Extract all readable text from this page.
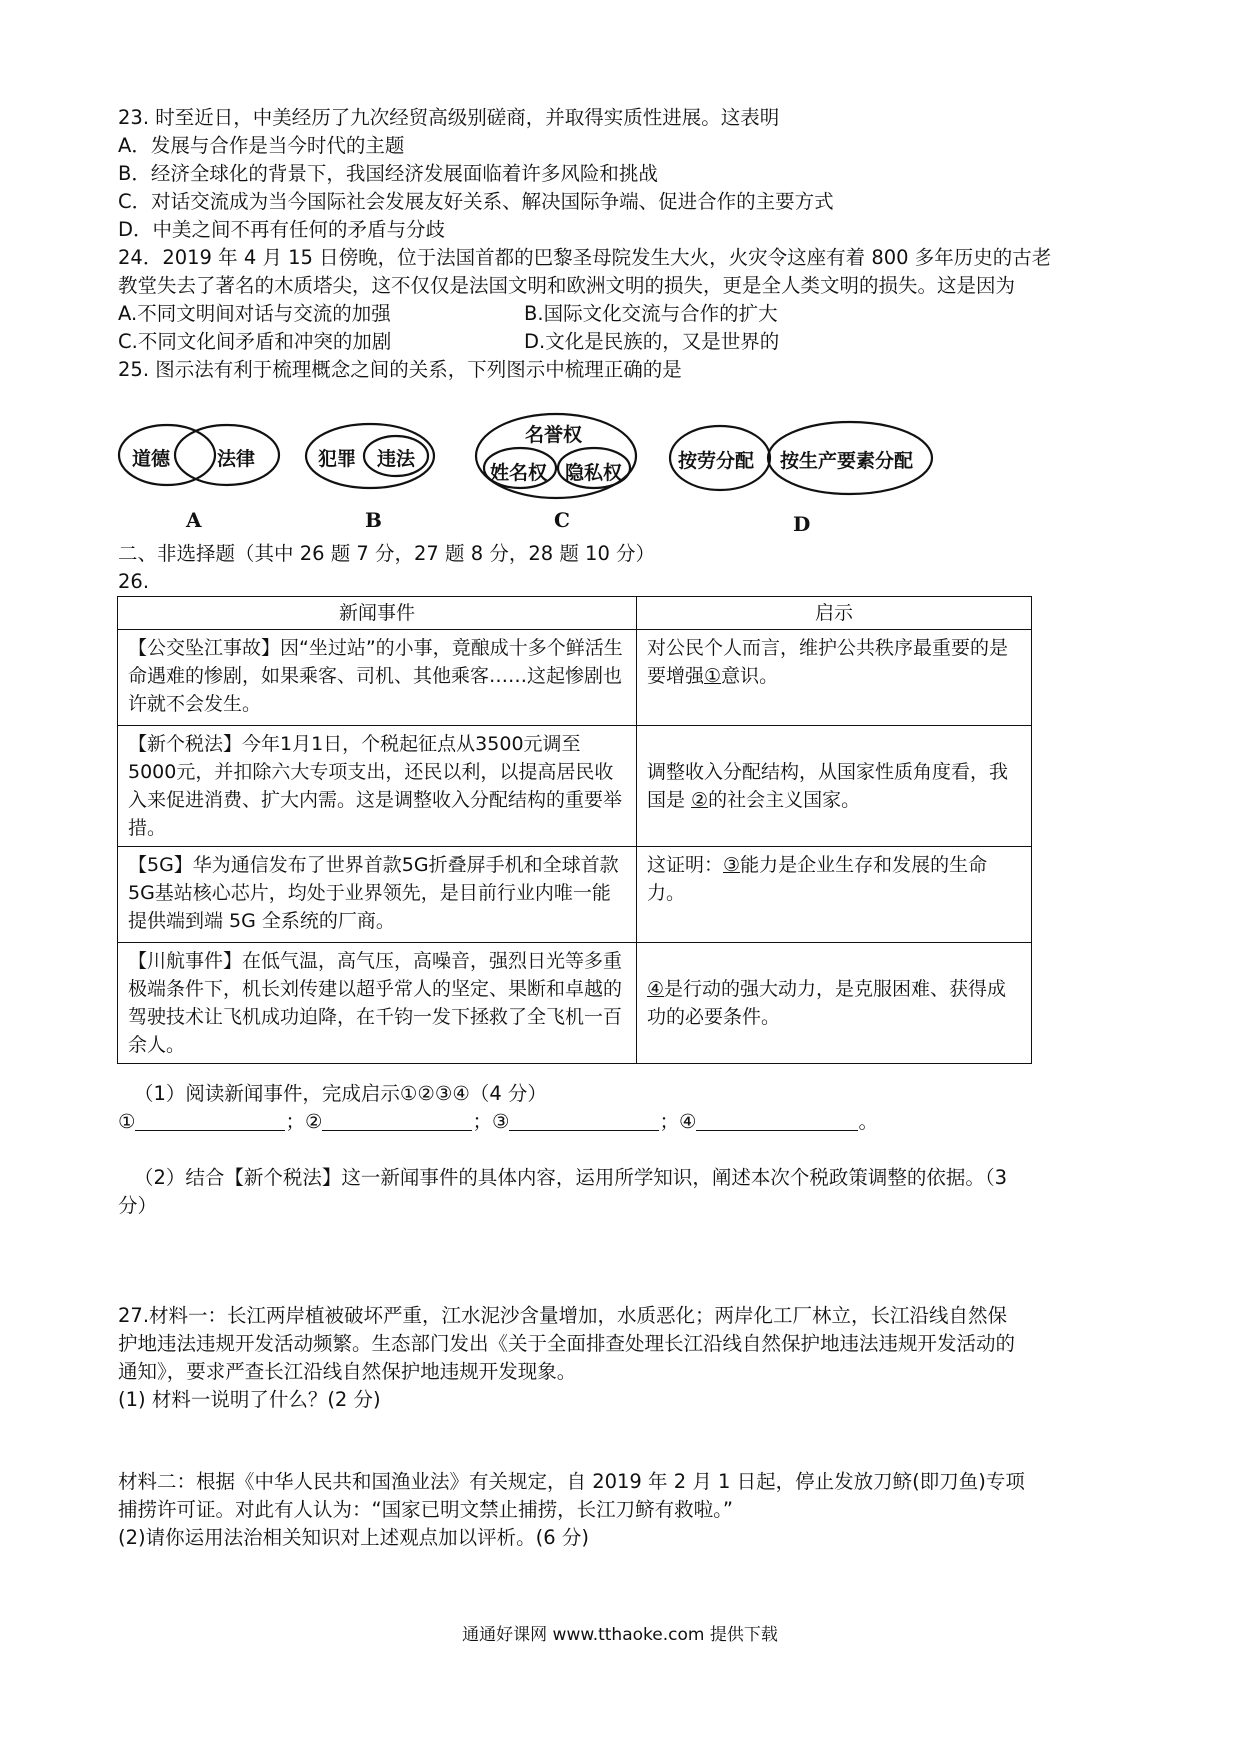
23. 时至近日，中美经历了九次经贸高级别磋商，并取得实质性进展。这表明
A．发展与合作是当今时代的主题
B．经济全球化的背景下，我国经济发展面临着许多风险和挑战
C．对话交流成为当今国际社会发展友好关系、解决国际争端、促进合作的主要方式
D．中美之间不再有任何的矛盾与分歧
24．2019 年 4 月 15 日傍晚，位于法国首都的巴黎圣母院发生大火，火灾令这座有着 800 多年历史的古老
教堂失去了著名的木质塔尖，这不仅仅是法国文明和欧洲文明的损失，更是全人类文明的损失。这是因为
A.不同文明间对话与交流的加强	B.国际文化交流与合作的扩大
C.不同文化间矛盾和冲突的加剧	D.文化是民族的，又是世界的
25. 图示法有利于梳理概念之间的关系，下列图示中梳理正确的是
道德 法律
A
犯罪 违法
B
名誉权
姓名权 隐私权
C
按劳分配 按生产要素分配
D
二、非选择题（其中 26 题 7 分，27 题 8 分，28 题 10 分）
26.
新闻事件	启示
【公交坠江事故】因“坐过站”的小事，竟酿成十多个鲜活生命遇难的惨剧，如果乘客、司机、其他乘客……这起惨剧也许就不会发生。	对公民个人而言，维护公共秩序最重要的是要增强①意识。
【新个税法】今年1月1日，个税起征点从3500元调至5000元，并扣除六大专项支出，还民以利，以提高居民收入来促进消费、扩大内需。这是调整收入分配结构的重要举措。	调整收入分配结构，从国家性质角度看，我国是 ②的社会主义国家。
【5G】华为通信发布了世界首款5G折叠屏手机和全球首款5G基站核心芯片，均处于业界领先，是目前行业内唯一能提供端到端 5G 全系统的厂商。	这证明：③能力是企业生存和发展的生命力。
【川航事件】在低气温，高气压，高噪音，强烈日光等多重极端条件下，机长刘传建以超乎常人的坚定、果断和卓越的驾驶技术让飞机成功迫降，在千钧一发下拯救了全飞机一百余人。	④是行动的强大动力，是克服困难、获得成功的必要条件。
（1）阅读新闻事件，完成启示①②③④（4 分）
①	；②	；③	；④	。
（2）结合【新个税法】这一新闻事件的具体内容，运用所学知识，阐述本次个税政策调整的依据。（3
分）
27.材料一：长江两岸植被破坏严重，江水泥沙含量增加，水质恶化；两岸化工厂林立，长江沿线自然保
护地违法违规开发活动频繁。生态部门发出《关于全面排查处理长江沿线自然保护地违法违规开发活动的
通知》，要求严查长江沿线自然保护地违规开发现象。
(1) 材料一说明了什么？(2 分)
材料二：根据《中华人民共和国渔业法》有关规定，自 2019 年 2 月 1 日起，停止发放刀鲚(即刀鱼)专项
捕捞许可证。对此有人认为：“国家已明文禁止捕捞，长江刀鲚有救啦。”
(2)请你运用法治相关知识对上述观点加以评析。(6 分)
通通好课网 www.tthaoke.com 提供下载
